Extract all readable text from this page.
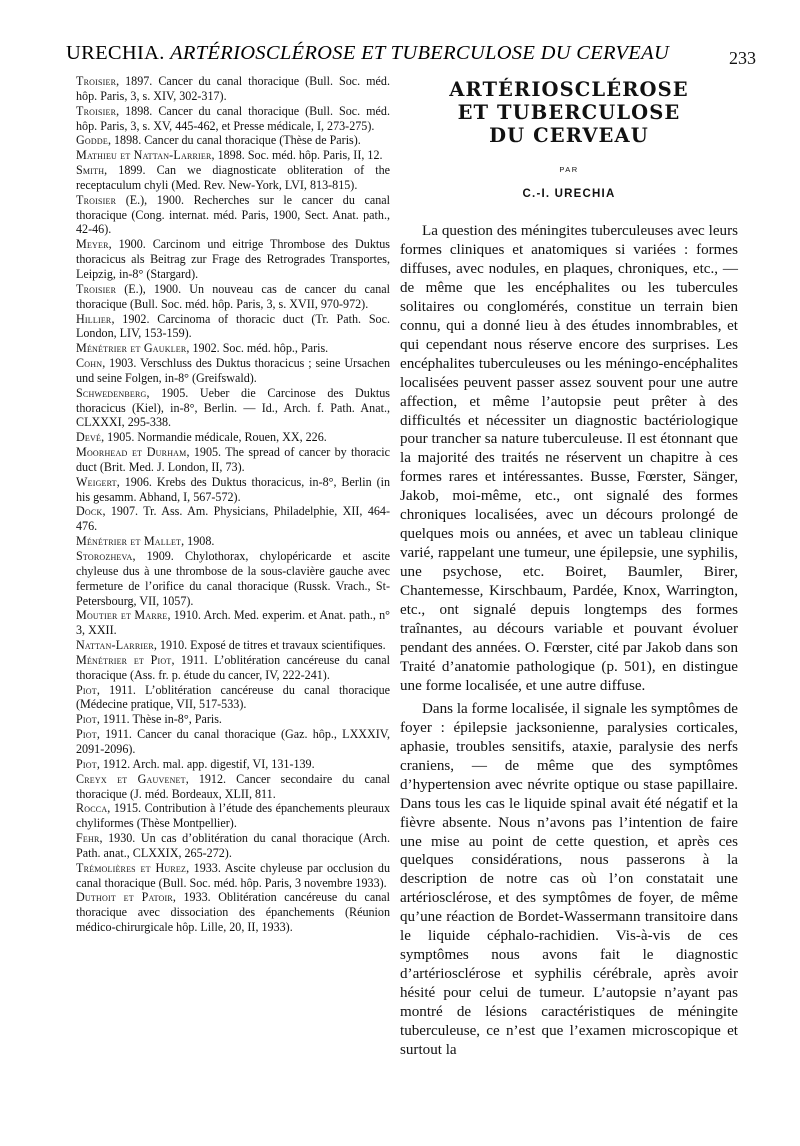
URECHIA. ARTÉRIOSCLÉROSE ET TUBERCULOSE DU CERVEAU	233

Troisier, 1897. Cancer du canal thoracique (Bull. Soc. méd. hôp. Paris, 3, s. XIV, 302-317).

Troisier, 1898. Cancer du canal thoracique (Bull. Soc. méd. hôp. Paris, 3, s. XV, 445-462, et Presse médicale, I, 273-275).

Godde, 1898. Cancer du canal thoracique (Thèse de Paris).

Mathieu et Nattan-Larrier, 1898. Soc. méd. hôp. Paris, II, 12.

Smith, 1899. Can we diagnosticate obliteration of the receptaculum chyli (Med. Rev. New-York, LVI, 813-815).

Troisier (E.), 1900. Recherches sur le cancer du canal thoracique (Cong. internat. méd. Paris, 1900, Sect. Anat. path., 42-46).

Meyer, 1900. Carcinom und eitrige Thrombose des Duktus thoracicus als Beitrag zur Frage des Retrogrades Transportes, Leipzig, in-8° (Stargard).

Troisier (E.), 1900. Un nouveau cas de cancer du canal thoracique (Bull. Soc. méd. hôp. Paris, 3, s. XVII, 970-972).

Hillier, 1902. Carcinoma of thoracic duct (Tr. Path. Soc. London, LIV, 153-159).

Ménétrier et Gaukler, 1902. Soc. méd. hôp., Paris.

Cohn, 1903. Verschluss des Duktus thoracicus ; seine Ursachen und seine Folgen, in-8° (Greifswald).

Schwedenberg, 1905. Ueber die Carcinose des Duktus thoracicus (Kiel), in-8°, Berlin. — Id., Arch. f. Path. Anat., CLXXXI, 295-338.

Devé, 1905. Normandie médicale, Rouen, XX, 226.

Moorhead et Durham, 1905. The spread of cancer by thoracic duct (Brit. Med. J. London, II, 73).

Weigert, 1906. Krebs des Duktus thoracicus, in-8°, Berlin (in his gesamm. Abhand, I, 567-572).

Dock, 1907. Tr. Ass. Am. Physicians, Philadelphie, XII, 464-476.

Ménétrier et Mallet, 1908.

Storozheva, 1909. Chylothorax, chylopéricarde et ascite chyleuse dus à une thrombose de la sous-clavière gauche avec fermeture de l’orifice du canal thoracique (Russk. Vrach., St-Petersbourg, VII, 1057).

Moutier et Marre, 1910. Arch. Med. experim. et Anat. path., n° 3, XXII.

Nattan-Larrier, 1910. Exposé de titres et travaux scientifiques.

Ménétrier et Piot, 1911. L’oblitération cancéreuse du canal thoracique (Ass. fr. p. étude du cancer, IV, 222-241).

Piot, 1911. L’oblitération cancéreuse du canal thoracique (Médecine pratique, VII, 517-533).

Piot, 1911. Thèse in-8°, Paris.

Piot, 1911. Cancer du canal thoracique (Gaz. hôp., LXXXIV, 2091-2096).

Piot, 1912. Arch. mal. app. digestif, VI, 131-139.

Creyx et Gauvenet, 1912. Cancer secondaire du canal thoracique (J. méd. Bordeaux, XLII, 811.

Rocca, 1915. Contribution à l’étude des épanchements pleuraux chyliformes (Thèse Montpellier).

Fehr, 1930. Un cas d’oblitération du canal thoracique (Arch. Path. anat., CLXXIX, 265-272).

Trémolières et Hurez, 1933. Ascite chyleuse par occlusion du canal thoracique (Bull. Soc. méd. hôp. Paris, 3 novembre 1933).

Duthoit et Patoir, 1933. Oblitération cancéreuse du canal thoracique avec dissociation des épanchements (Réunion médico-chirurgicale hôp. Lille, 20, II, 1933).

ARTÉRIOSCLÉROSE
ET TUBERCULOSE
DU CERVEAU
PAR
C.-I. URECHIA

La question des méningites tuberculeuses avec leurs formes cliniques et anatomiques si variées : formes diffuses, avec nodules, en plaques, chroniques, etc., — de même que les encéphalites ou les tubercules solitaires ou conglomérés, constitue un terrain bien connu, qui a donné lieu à des études innombrables, et qui cependant nous réserve encore des surprises. Les encéphalites tuberculeuses ou les méningo-encéphalites localisées peuvent passer assez souvent pour une autre affection, et même l’autopsie peut prêter à des difficultés et nécessiter un diagnostic bactériologique pour trancher sa nature tuberculeuse. Il est étonnant que la majorité des traités ne réservent un chapitre à ces formes rares et intéressantes. Busse, Fœrster, Sänger, Jakob, moi-même, etc., ont signalé des formes chroniques localisées, avec un décours prolongé de quelques mois ou années, et avec un tableau clinique varié, rappelant une tumeur, une épilepsie, une syphilis, une psychose, etc. Boiret, Baumler, Birer, Chantemesse, Kirschbaum, Pardée, Knox, Warrington, etc., ont signalé depuis longtemps des formes traînantes, au décours variable et pouvant évoluer pendant des années. O. Fœrster, cité par Jakob dans son Traité d’anatomie pathologique (p. 501), en distingue une forme localisée, et une autre diffuse.

Dans la forme localisée, il signale les symptômes de foyer : épilepsie jacksonienne, paralysies corticales, aphasie, troubles sensitifs, ataxie, paralysie des nerfs craniens, — de même que des symptômes d’hypertension avec névrite optique ou stase papillaire. Dans tous les cas le liquide spinal avait été négatif et la fièvre absente. Nous n’avons pas l’intention de faire une mise au point de cette question, et après ces quelques considérations, nous passerons à la description de notre cas où l’on constatait une artériosclérose, et des symptômes de foyer, de même qu’une réaction de Bordet-Wassermann transitoire dans le liquide céphalo-rachidien. Vis-à-vis de ces symptômes nous avons fait le diagnostic d’artériosclérose et syphilis cérébrale, après avoir hésité pour celui de tumeur. L’autopsie n’ayant pas montré de lésions caractéristiques de méningite tuberculeuse, ce n’est que l’examen microscopique et surtout la
